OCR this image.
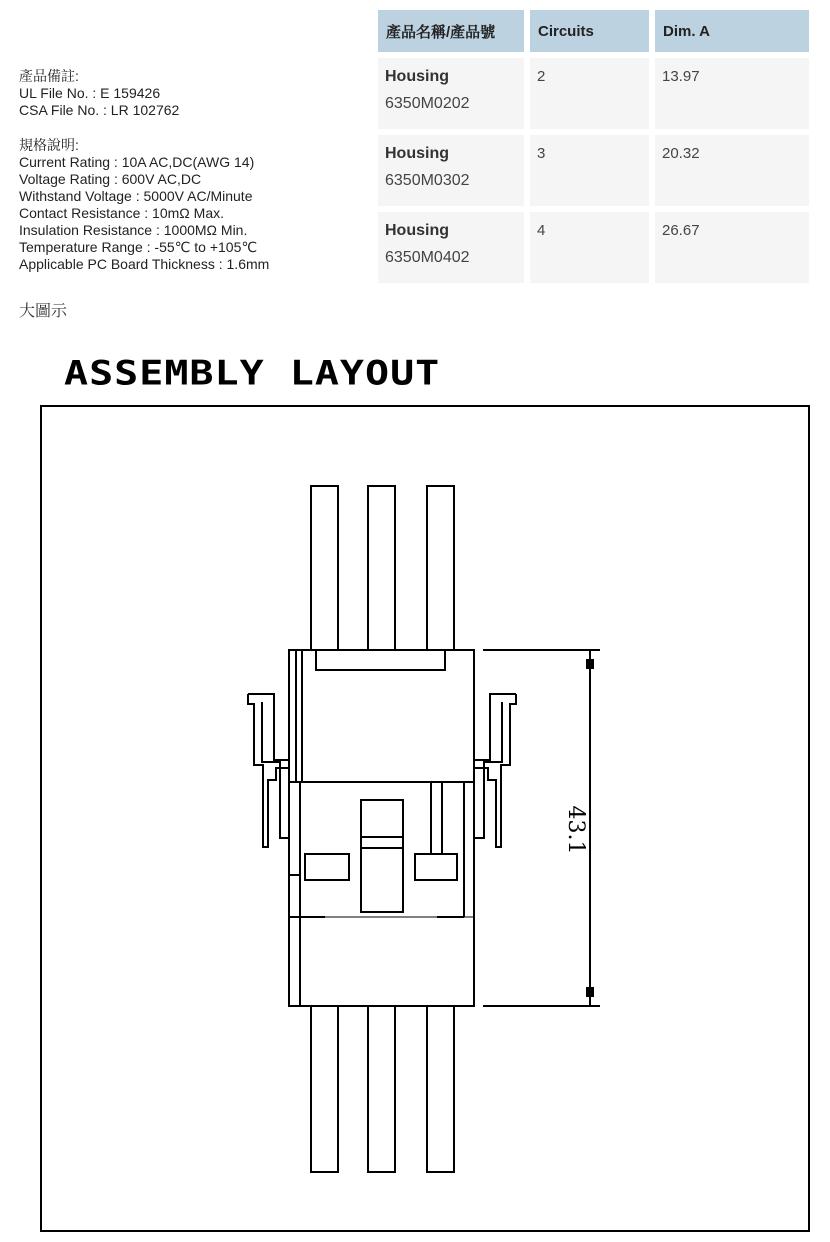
產品備註:
UL File No. : E 159426
CSA File No. : LR 102762
規格說明:
Current Rating : 10A AC,DC(AWG 14)
Voltage Rating : 600V AC,DC
Withstand Voltage : 5000V AC/Minute
Contact Resistance : 10mΩ Max.
Insulation Resistance : 1000MΩ Min.
Temperature Range : -55℃ to +105℃
Applicable PC Board Thickness : 1.6mm
大圖示
產品名稱/產品號	Circuits	Dim. A

Housing
6350M0202	2	13.97

Housing
6350M0302	3	20.32

Housing
6350M0402	4	26.67
ASSEMBLY LAYOUT
43.1
